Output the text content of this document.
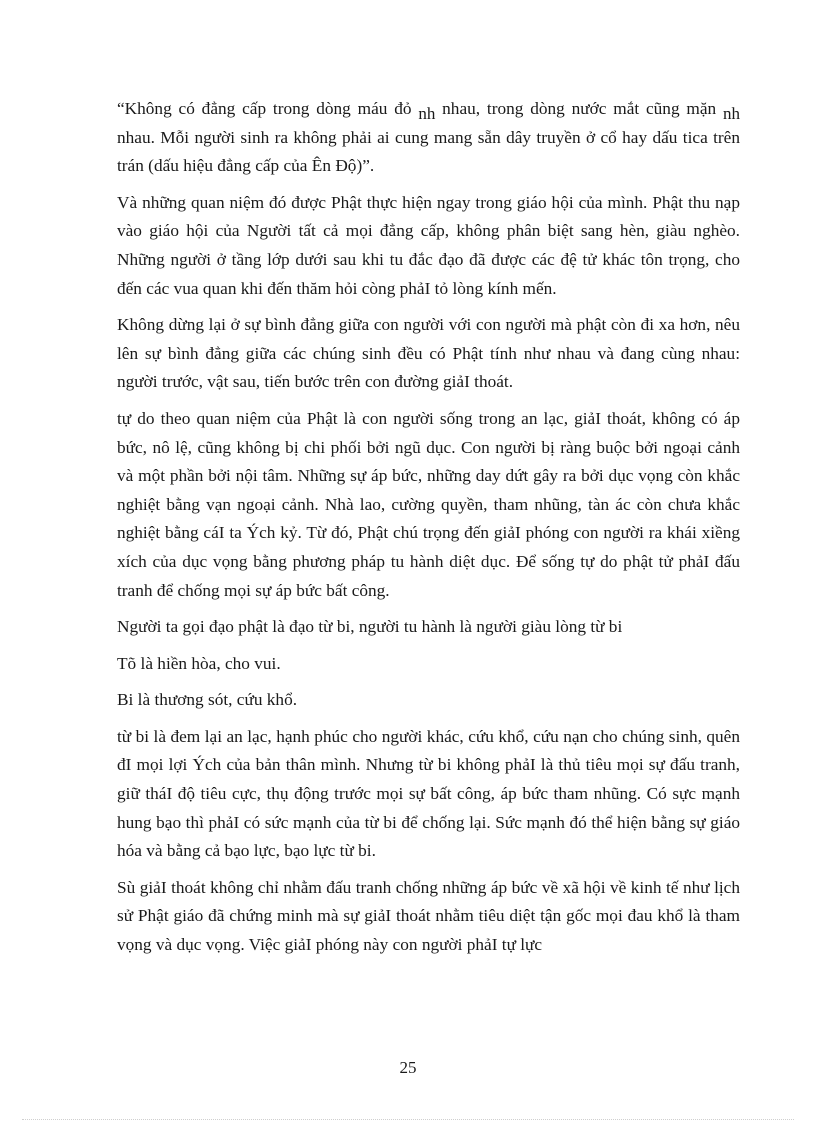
“Không có đẳng cấp trong dòng máu đỏ nh nhau, trong dòng nước mắt cũng mặn nh nhau. Mỗi người sinh ra không phải ai cung mang sẵn dây truyền ở cổ hay dấu tica trên trán (dấu hiệu đẳng cấp của Ên Độ)”.

Và những quan niệm đó được Phật thực hiện ngay trong giáo hội của mình. Phật thu nạp vào giáo hội của Người tất cả mọi đẳng cấp, không phân biệt sang hèn, giàu nghèo. Những người ở tầng lớp dưới sau khi tu đắc đạo đã được các đệ tử khác tôn trọng, cho đến các vua quan khi đến thăm hỏi còng phảI tỏ lòng kính mến.

Không dừng lại ở sự bình đẳng giữa con người với con người mà phật còn đi xa hơn, nêu lên sự bình đẳng giữa các chúng sinh đều có Phật tính như nhau và đang cùng nhau: người trước, vật sau, tiến bước trên con đường giảI thoát.

tự do theo quan niệm của Phật là con người sống trong an lạc, giảI thoát, không có áp bức, nô lệ, cũng không bị chi phối bởi ngũ dục. Con người bị ràng buộc bởi ngoại cảnh và một phần bởi nội tâm. Những sự áp bức, những day dứt gây ra bởi dục vọng còn khắc nghiệt bằng vạn ngoại cảnh. Nhà lao, cường quyền, tham nhũng, tàn ác còn chưa khắc nghiệt bằng cáI ta Ých kỷ. Từ đó, Phật chú trọng đến giảI phóng con người ra khái xiềng xích của dục vọng bằng phương pháp tu hành diệt dục. Để sống tự do phật tử phảI đấu tranh để chống mọi sự áp bức bất công.

Người ta gọi đạo phật là đạo từ bi, người tu hành là người giàu lòng từ bi

Tõ là hiền hòa, cho vui.

Bi là thương sót, cứu khổ.

từ bi là đem lại an lạc, hạnh phúc cho người khác, cứu khổ, cứu nạn cho chúng sinh, quên đI mọi lợi Ých của bản thân mình. Nhưng từ bi không phảI là thủ tiêu mọi sự đấu tranh, giữ tháI độ tiêu cực, thụ động trước mọi sự bất công, áp bức tham nhũng. Có sực mạnh hung bạo thì phảI có sức mạnh của từ bi để chống lại. Sức mạnh đó thể hiện bằng sự giáo hóa và bằng cả bạo lực, bạo lực từ bi.

Sù giảI thoát không chỉ nhằm đấu tranh chống những áp bức về xã hội về kinh tế như lịch sử Phật giáo đã chứng minh mà sự giảI thoát nhằm tiêu diệt tận gốc mọi đau khổ là tham vọng và dục vọng. Việc giảI phóng này con người phảI tự lực

25
